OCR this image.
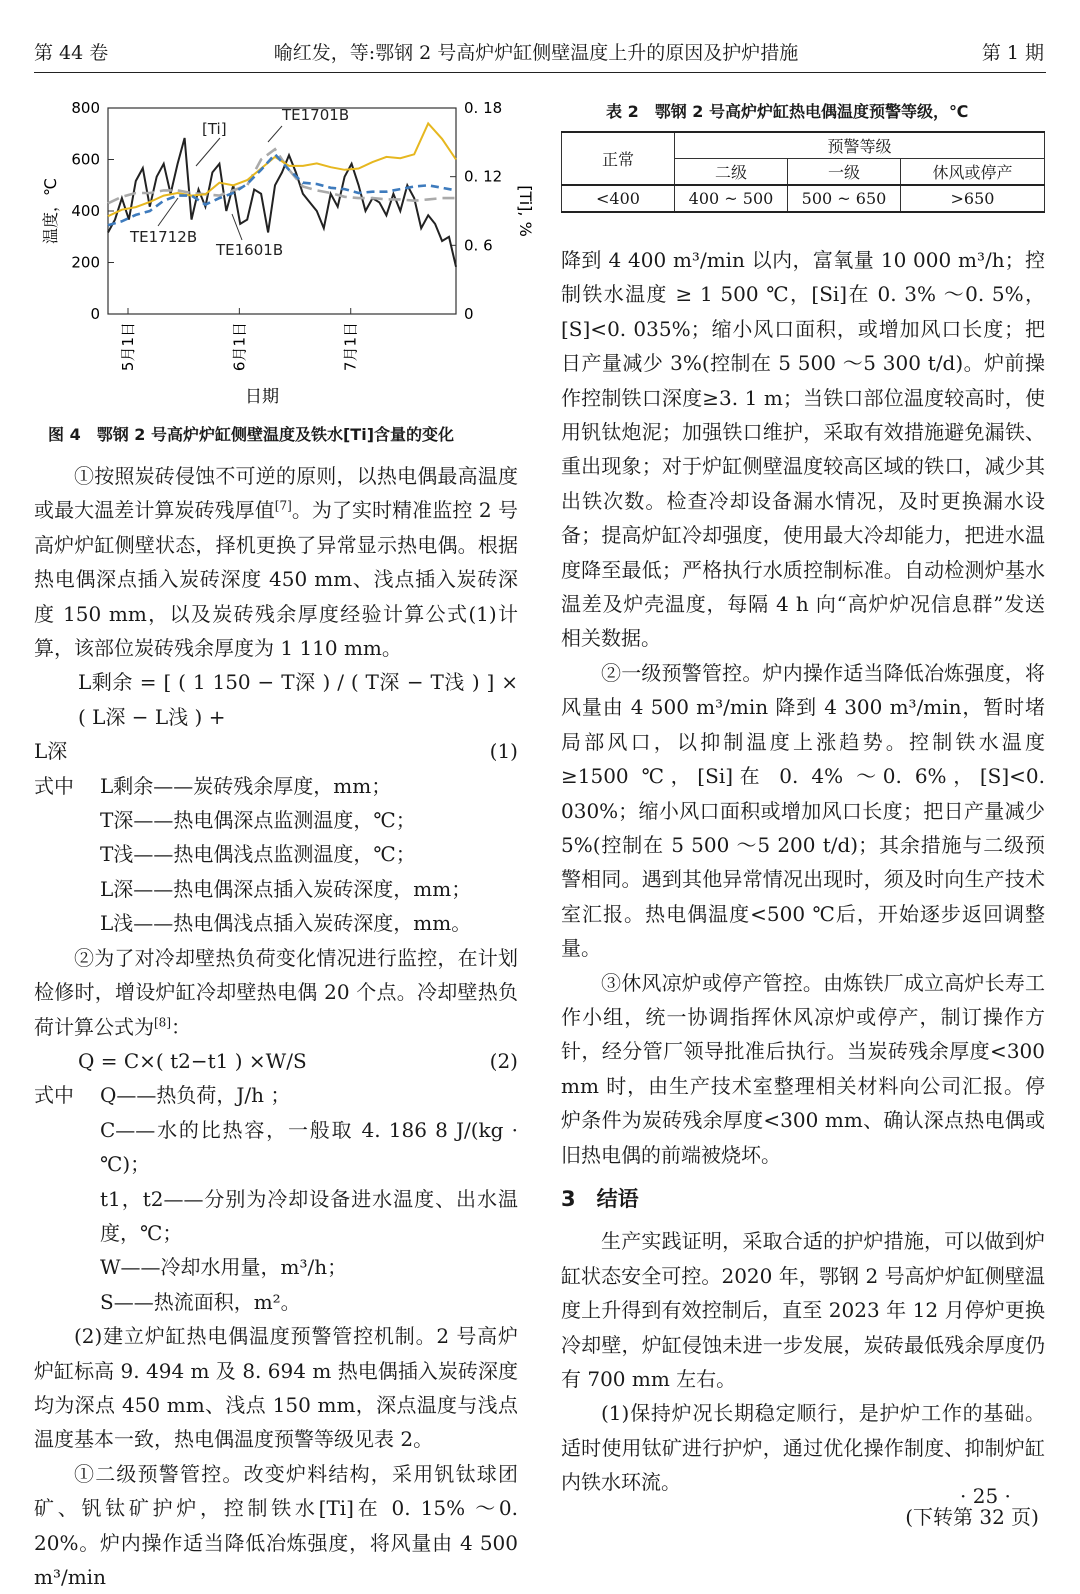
第 44 卷	喻红发，等:鄂钢 2 号高炉炉缸侧壁温度上升的原因及护炉措施	第 1 期
0
200
400
600
800
0
0. 6
0. 12
0. 18
5月1日	6月1日	7月1日
[Ti]
TE1701B
TE1712B
TE1601B
温度，℃	[Ti], %
日期
图 4　鄂钢 2 号高炉炉缸侧壁温度及铁水[Ti]含量的变化
表 2　鄂钢 2 号高炉炉缸热电偶温度预警等级，℃
正常	预警等级		
	二级	一级	休风或停产
<400	400 ~ 500	500 ~ 650	>650

①按照炭砖侵蚀不可逆的原则，以热电偶最高温度或最大温差计算炭砖残厚值[7]。为了实时精准监控 2 号高炉炉缸侧壁状态，择机更换了异常显示热电偶。根据热电偶深点插入炭砖深度 450 mm、浅点插入炭砖深度 150 mm，以及炭砖残余厚度经验计算公式(1)计算，该部位炭砖残余厚度为 1 110 mm。

L剩余 = [ ( 1 150 − T深 ) / ( T深 − T浅 ) ] × ( L深 − L浅 ) +

L深	(1)

式中 L剩余——炭砖残余厚度，mm；

T深——热电偶深点监测温度，℃；

T浅——热电偶浅点监测温度，℃；

L深——热电偶深点插入炭砖深度，mm；

L浅——热电偶浅点插入炭砖深度，mm。

②为了对冷却壁热负荷变化情况进行监控，在计划检修时，增设炉缸冷却壁热电偶 20 个点。冷却壁热负荷计算公式为[8]：

Q = C×( t2−t1 ) ×W/S	(2)

式中 Q——热负荷，J/h ；

C——水的比热容，一般取 4. 186 8 J/(kg · ℃)；

t1，t2——分别为冷却设备进水温度、出水温度，℃；

W——冷却水用量，m³/h；

S——热流面积，m²。

(2)建立炉缸热电偶温度预警管控机制。2 号高炉炉缸标高 9. 494 m 及 8. 694 m 热电偶插入炭砖深度均为深点 450 mm、浅点 150 mm，深点温度与浅点温度基本一致，热电偶温度预警等级见表 2。

①二级预警管控。改变炉料结构，采用钒钛球团矿、钒钛矿护炉，控制铁水[Ti]在 0. 15% ～0. 20%。炉内操作适当降低冶炼强度，将风量由 4 500 m³/min

降到 4 400 m³/min 以内，富氧量 10 000 m³/h；控制铁水温度 ≥ 1 500 ℃，[Si]在 0. 3% ～0. 5%，[S]<0. 035%；缩小风口面积，或增加风口长度；把日产量减少 3%(控制在 5 500 ～5 300 t/d)。炉前操作控制铁口深度≥3. 1 m；当铁口部位温度较高时，使用钒钛炮泥；加强铁口维护，采取有效措施避免漏铁、重出现象；对于炉缸侧壁温度较高区域的铁口，减少其出铁次数。检查冷却设备漏水情况，及时更换漏水设备；提高炉缸冷却强度，使用最大冷却能力，把进水温度降至最低；严格执行水质控制标准。自动检测炉基水温差及炉壳温度，每隔 4 h 向“高炉炉况信息群”发送相关数据。

②一级预警管控。炉内操作适当降低冶炼强度，将风量由 4 500 m³/min 降到 4 300 m³/min，暂时堵局部风口，以抑制温度上涨趋势。控制铁水温度≥1500 ℃，[Si]在 0. 4% ～0. 6%，[S]<0. 030%；缩小风口面积或增加风口长度；把日产量减少 5%(控制在 5 500 ～5 200 t/d)；其余措施与二级预警相同。遇到其他异常情况出现时，须及时向生产技术室汇报。热电偶温度<500 ℃后，开始逐步返回调整量。

③休风凉炉或停产管控。由炼铁厂成立高炉长寿工作小组，统一协调指挥休风凉炉或停产，制订操作方针，经分管厂领导批准后执行。当炭砖残余厚度<300 mm 时，由生产技术室整理相关材料向公司汇报。停炉条件为炭砖残余厚度<300 mm、确认深点热电偶或旧热电偶的前端被烧坏。

3　结语

生产实践证明，采取合适的护炉措施，可以做到炉缸状态安全可控。2020 年，鄂钢 2 号高炉炉缸侧壁温度上升得到有效控制后，直至 2023 年 12 月停炉更换冷却壁，炉缸侵蚀未进一步发展，炭砖最低残余厚度仍有 700 mm 左右。

(1)保持炉况长期稳定顺行，是护炉工作的基础。适时使用钛矿进行护炉，通过优化操作制度、抑制炉缸内铁水环流。

(下转第 32 页)

· 25 ·
